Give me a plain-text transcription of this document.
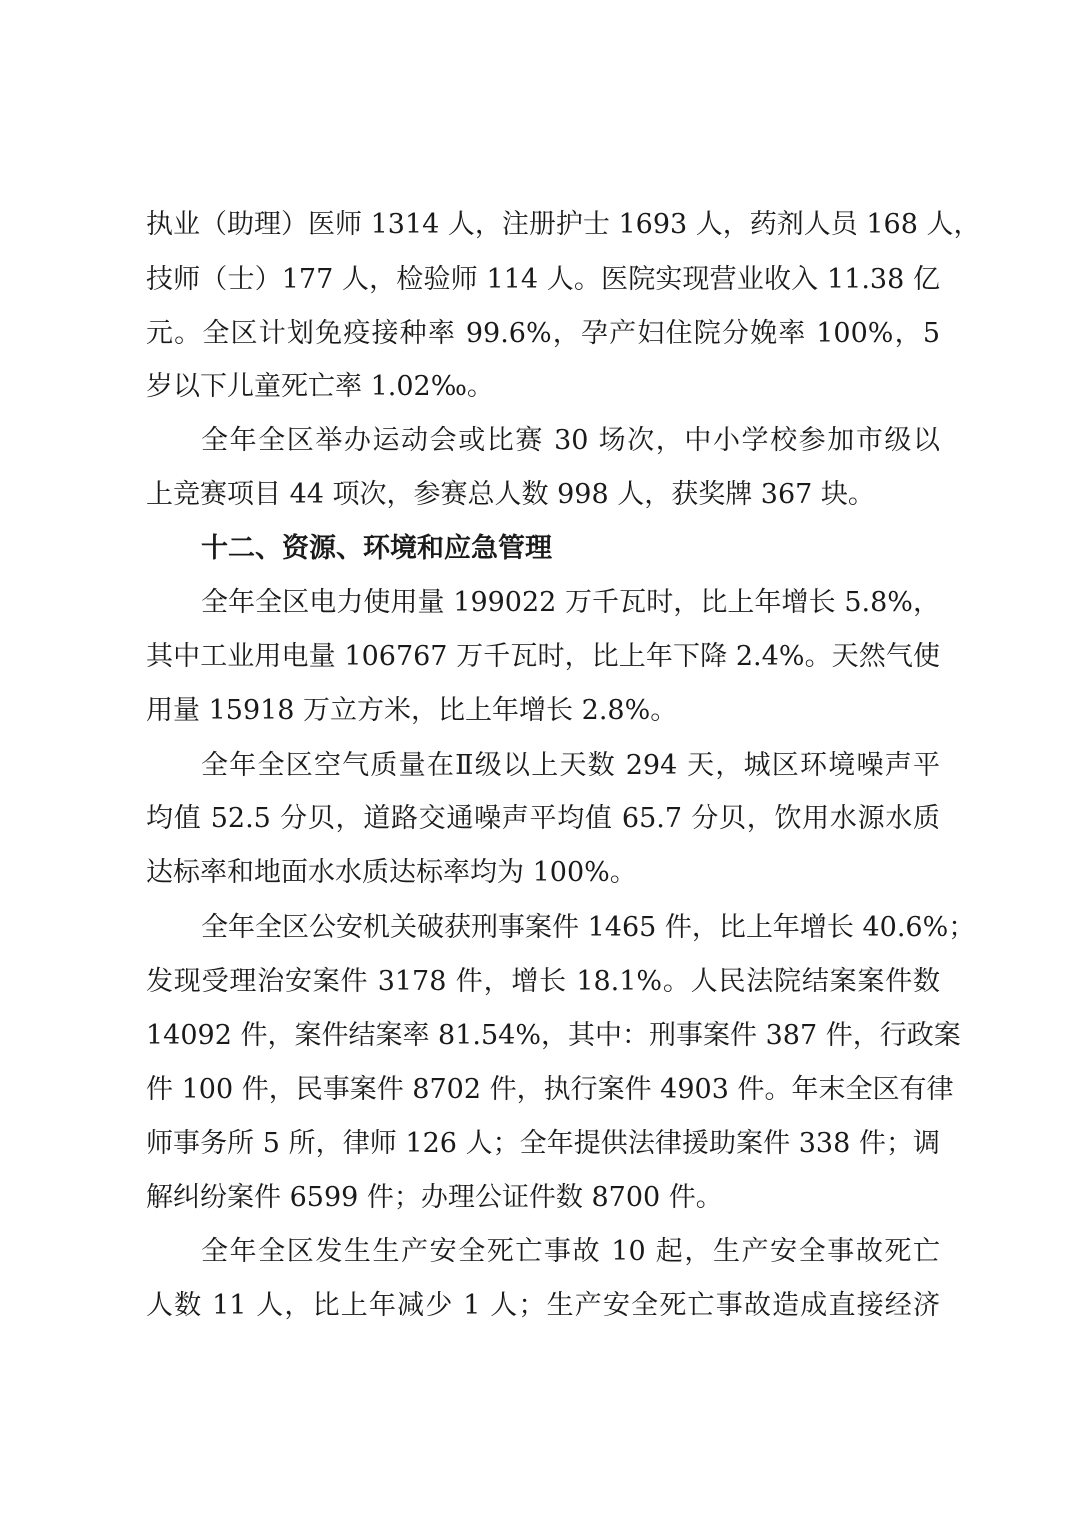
执业（助理）医师 1314 人，注册护士 1693 人，药剂人员 168 人，
技师（士）177 人，检验师 114 人。医院实现营业收入 11.38 亿
元。全区计划免疫接种率 99.6%，孕产妇住院分娩率 100%，5
岁以下儿童死亡率 1.02‰。
全年全区举办运动会或比赛 30 场次，中小学校参加市级以
上竞赛项目 44 项次，参赛总人数 998 人，获奖牌 367 块。
十二、资源、环境和应急管理
全年全区电力使用量 199022 万千瓦时，比上年增长 5.8%，
其中工业用电量 106767 万千瓦时，比上年下降 2.4%。天然气使
用量 15918 万立方米，比上年增长 2.8%。
全年全区空气质量在Ⅱ级以上天数 294 天，城区环境噪声平
均值 52.5 分贝，道路交通噪声平均值 65.7 分贝，饮用水源水质
达标率和地面水水质达标率均为 100%。
全年全区公安机关破获刑事案件 1465 件，比上年增长 40.6%；
发现受理治安案件 3178 件，增长 18.1%。人民法院结案案件数
14092 件，案件结案率 81.54%，其中：刑事案件 387 件，行政案
件 100 件，民事案件 8702 件，执行案件 4903 件。年末全区有律
师事务所 5 所，律师 126 人；全年提供法律援助案件 338 件；调
解纠纷案件 6599 件；办理公证件数 8700 件。
全年全区发生生产安全死亡事故 10 起，生产安全事故死亡
人数 11 人，比上年减少 1 人；生产安全死亡事故造成直接经济
